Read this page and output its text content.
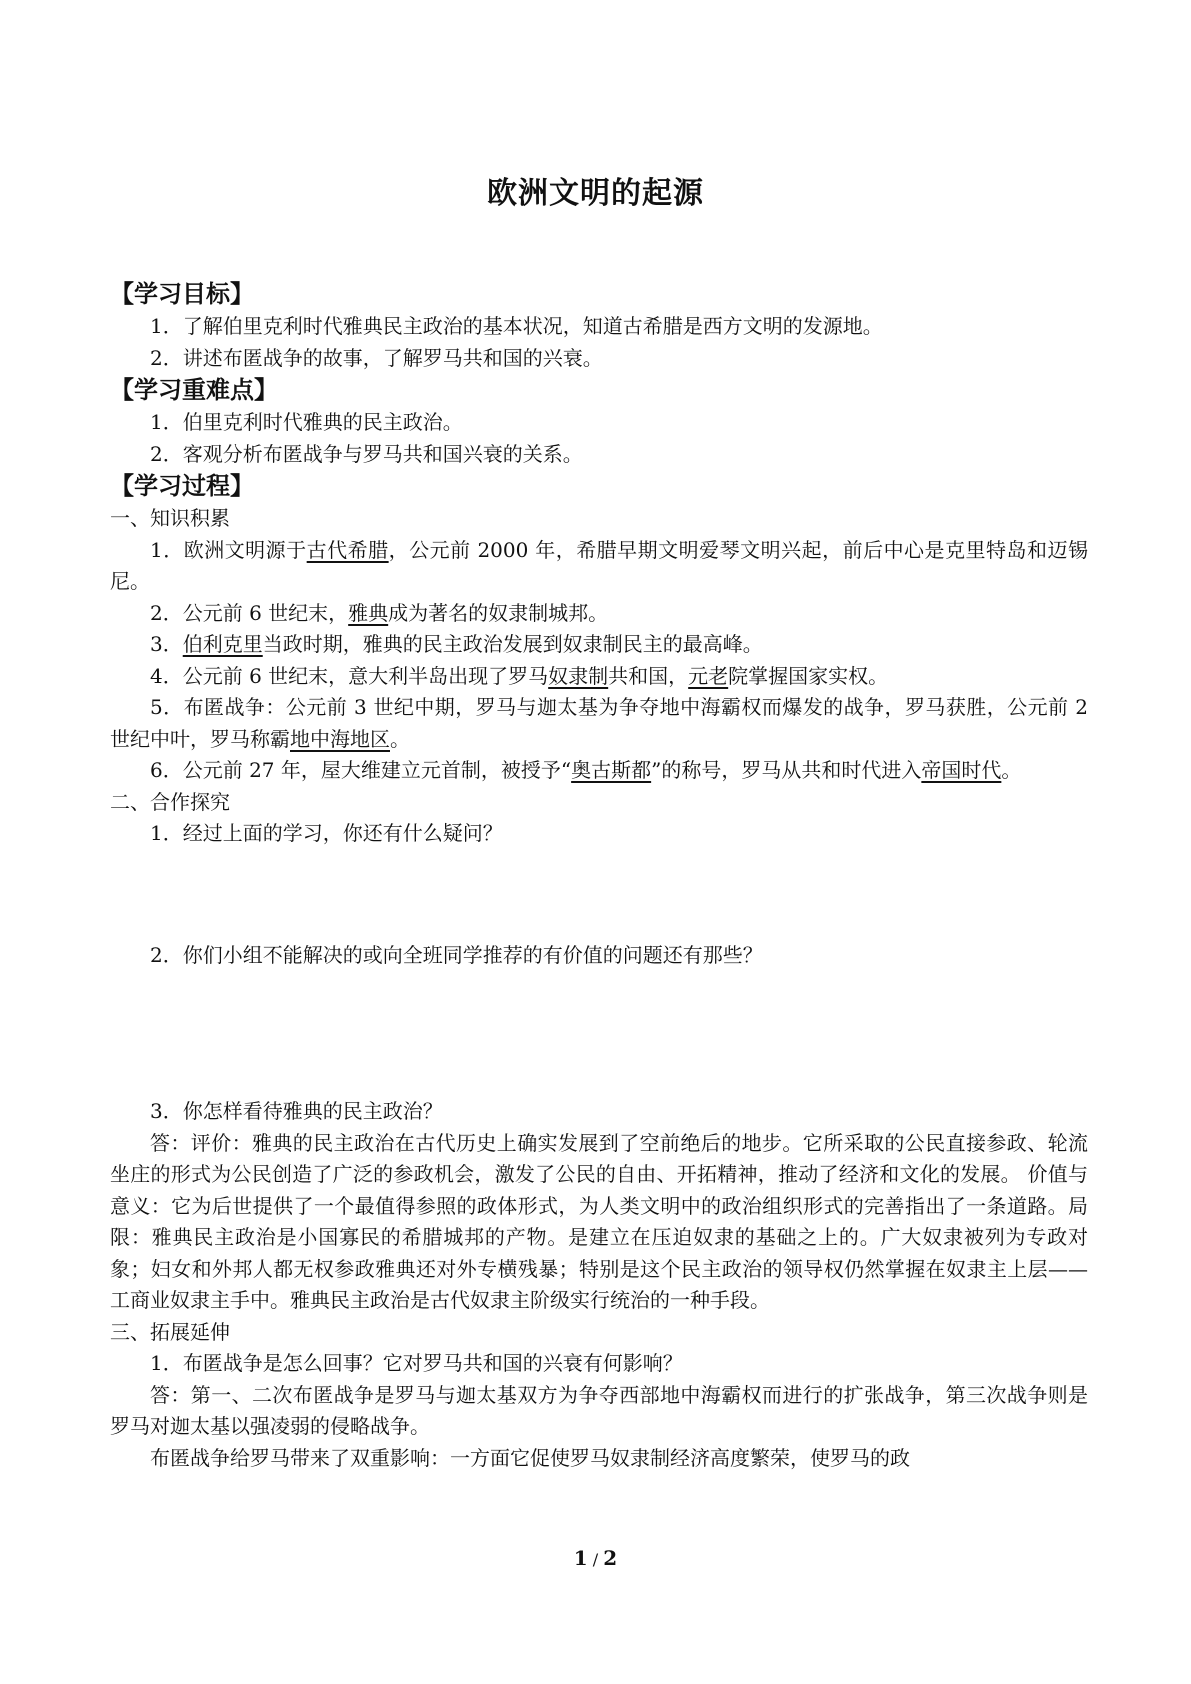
欧洲文明的起源

【学习目标】

1．了解伯里克利时代雅典民主政治的基本状况，知道古希腊是西方文明的发源地。

2．讲述布匿战争的故事，了解罗马共和国的兴衰。

【学习重难点】

1．伯里克利时代雅典的民主政治。

2．客观分析布匿战争与罗马共和国兴衰的关系。

【学习过程】

一、知识积累

1．欧洲文明源于古代希腊，公元前 2000 年，希腊早期文明爱琴文明兴起，前后中心是克里特岛和迈锡尼。

2．公元前 6 世纪末，雅典成为著名的奴隶制城邦。

3．伯利克里当政时期，雅典的民主政治发展到奴隶制民主的最高峰。

4．公元前 6 世纪末，意大利半岛出现了罗马奴隶制共和国，元老院掌握国家实权。

5．布匿战争：公元前 3 世纪中期，罗马与迦太基为争夺地中海霸权而爆发的战争，罗马获胜，公元前 2 世纪中叶，罗马称霸地中海地区。

6．公元前 27 年，屋大维建立元首制，被授予“奥古斯都”的称号，罗马从共和时代进入帝国时代。

二、合作探究

1．经过上面的学习，你还有什么疑问？

2．你们小组不能解决的或向全班同学推荐的有价值的问题还有那些？

3．你怎样看待雅典的民主政治？

答：评价：雅典的民主政治在古代历史上确实发展到了空前绝后的地步。它所采取的公民直接参政、轮流坐庄的形式为公民创造了广泛的参政机会，激发了公民的自由、开拓精神，推动了经济和文化的发展。 价值与意义：它为后世提供了一个最值得参照的政体形式，为人类文明中的政治组织形式的完善指出了一条道路。局限：雅典民主政治是小国寡民的希腊城邦的产物。是建立在压迫奴隶的基础之上的。广大奴隶被列为专政对象；妇女和外邦人都无权参政雅典还对外专横残暴；特别是这个民主政治的领导权仍然掌握在奴隶主上层——工商业奴隶主手中。雅典民主政治是古代奴隶主阶级实行统治的一种手段。

三、拓展延伸

1．布匿战争是怎么回事？它对罗马共和国的兴衰有何影响？

答：第一、二次布匿战争是罗马与迦太基双方为争夺西部地中海霸权而进行的扩张战争，第三次战争则是罗马对迦太基以强凌弱的侵略战争。

布匿战争给罗马带来了双重影响：一方面它促使罗马奴隶制经济高度繁荣，使罗马的政

1 / 2
